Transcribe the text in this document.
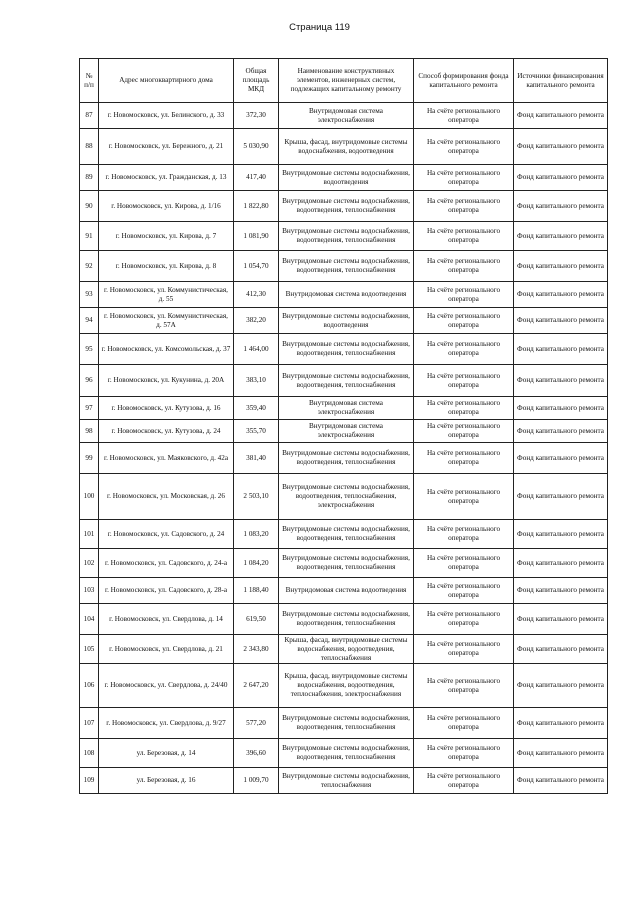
Страница 119
№ п/п	Адрес многоквартирного дома	Общая площадь МКД	Наименование конструктивных элементов, инженерных систем, подлежащих капитальному ремонту	Способ формирования фонда капитального ремонта	Источники финансирования капитального ремонта
87	г. Новомосковск, ул. Белинского, д. 33	372,30	Внутридомовая система электроснабжения	На счёте регионального оператора	Фонд капитального ремонта
88	г. Новомосковск, ул. Бережного, д. 21	5 030,90	Крыша, фасад, внутридомовые системы водоснабжения, водоотведения	На счёте регионального оператора	Фонд капитального ремонта
89	г. Новомосковск, ул. Гражданская, д. 13	417,40	Внутридомовые системы водоснабжения, водоотведения	На счёте регионального оператора	Фонд капитального ремонта
90	г. Новомосковск, ул. Кирова, д. 1/16	1 822,80	Внутридомовые системы водоснабжения, водоотведения, теплоснабжения	На счёте регионального оператора	Фонд капитального ремонта
91	г. Новомосковск, ул. Кирова, д. 7	1 081,90	Внутридомовые системы водоснабжения, водоотведения, теплоснабжения	На счёте регионального оператора	Фонд капитального ремонта
92	г. Новомосковск, ул. Кирова, д. 8	1 054,70	Внутридомовые системы водоснабжения, водоотведения, теплоснабжения	На счёте регионального оператора	Фонд капитального ремонта
93	г. Новомосковск, ул. Коммунистическая, д. 55	412,30	Внутридомовая система водоотведения	На счёте регионального оператора	Фонд капитального ремонта
94	г. Новомосковск, ул. Коммунистическая, д. 57А	382,20	Внутридомовые системы водоснабжения, водоотведения	На счёте регионального оператора	Фонд капитального ремонта
95	г. Новомосковск, ул. Комсомольская, д. 37	1 464,00	Внутридомовые системы водоснабжения, водоотведения, теплоснабжения	На счёте регионального оператора	Фонд капитального ремонта
96	г. Новомосковск, ул. Кукунина, д. 20А	383,10	Внутридомовые системы водоснабжения, водоотведения, теплоснабжения	На счёте регионального оператора	Фонд капитального ремонта
97	г. Новомосковск, ул. Кутузова, д. 16	359,40	Внутридомовая система электроснабжения	На счёте регионального оператора	Фонд капитального ремонта
98	г. Новомосковск, ул. Кутузова, д. 24	355,70	Внутридомовая система электроснабжения	На счёте регионального оператора	Фонд капитального ремонта
99	г. Новомосковск, ул. Маяковского, д. 42а	381,40	Внутридомовые системы водоснабжения, водоотведения, теплоснабжения	На счёте регионального оператора	Фонд капитального ремонта
100	г. Новомосковск, ул. Московская, д. 26	2 503,10	Внутридомовые системы водоснабжения, водоотведения, теплоснабжения, электроснабжения	На счёте регионального оператора	Фонд капитального ремонта
101	г. Новомосковск, ул. Садовского, д. 24	1 083,20	Внутридомовые системы водоснабжения, водоотведения, теплоснабжения	На счёте регионального оператора	Фонд капитального ремонта
102	г. Новомосковск, ул. Садовского, д. 24-а	1 084,20	Внутридомовые системы водоснабжения, водоотведения, теплоснабжения	На счёте регионального оператора	Фонд капитального ремонта
103	г. Новомосковск, ул. Садовского, д. 28-а	1 188,40	Внутридомовая система водоотведения	На счёте регионального оператора	Фонд капитального ремонта
104	г. Новомосковск, ул. Свердлова, д. 14	619,50	Внутридомовые системы водоснабжения, водоотведения, теплоснабжения	На счёте регионального оператора	Фонд капитального ремонта
105	г. Новомосковск, ул. Свердлова, д. 21	2 343,80	Крыша, фасад, внутридомовые системы водоснабжения, водоотведения, теплоснабжения	На счёте регионального оператора	Фонд капитального ремонта
106	г. Новомосковск, ул. Свердлова, д. 24/40	2 647,20	Крыша, фасад, внутридомовые системы водоснабжения, водоотведения, теплоснабжения, электроснабжения	На счёте регионального оператора	Фонд капитального ремонта
107	г. Новомосковск, ул. Свердлова, д. 9/27	577,20	Внутридомовые системы водоснабжения, водоотведения, теплоснабжения	На счёте регионального оператора	Фонд капитального ремонта
108	ул. Березовая, д. 14	396,60	Внутридомовые системы водоснабжения, водоотведения, теплоснабжения	На счёте регионального оператора	Фонд капитального ремонта
109	ул. Березовая, д. 16	1 009,70	Внутридомовые системы водоснабжения, теплоснабжения	На счёте регионального оператора	Фонд капитального ремонта
